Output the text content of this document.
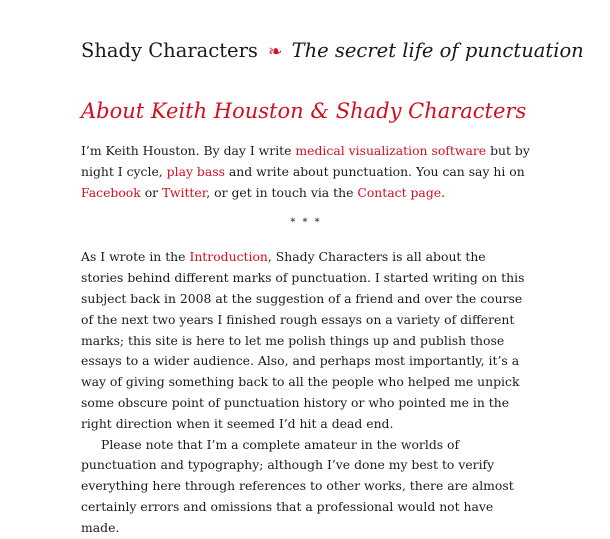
Shady Characters ❧ The secret life of punctuation
About Keith Houston & Shady Characters

I’m Keith Houston. By day I write medical visualization software but by night I cycle, play bass and write about punctuation. You can say hi on Facebook or Twitter, or get in touch via the Contact page.

* * *

As I wrote in the Introduction, Shady Characters is all about the stories behind different marks of punctuation. I started writing on this subject back in 2008 at the suggestion of a friend and over the course of the next two years I finished rough essays on a variety of different marks; this site is here to let me polish things up and publish those essays to a wider audience. Also, and perhaps most importantly, it’s a way of giving something back to all the people who helped me unpick some obscure point of punctuation history or who pointed me in the right direction when it seemed I’d hit a dead end.

Please note that I’m a complete amateur in the worlds of punctuation and typography; although I’ve done my best to verify everything here through references to other works, there are almost certainly errors and omissions that a professional would not have made.
